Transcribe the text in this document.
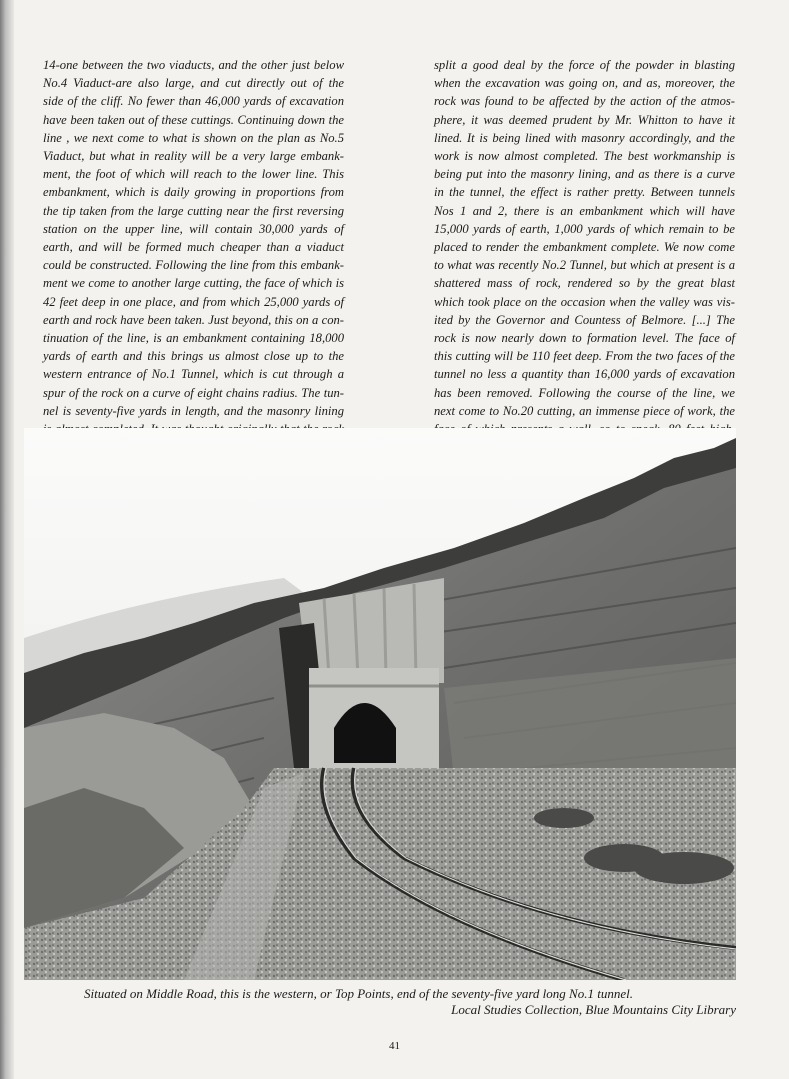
14-one between the two viaducts, and the other just below

No.4 Viaduct-are also large, and cut directly out of the

side of the cliff. No fewer than 46,000 yards of excavation

have been taken out of these cuttings. Continuing down the

line , we next come to what is shown on the plan as No.5

Viaduct, but what in reality will be a very large embank-

ment, the foot of which will reach to the lower line. This

embankment, which is daily growing in proportions from

the tip taken from the large cutting near the first reversing

station on the upper line, will contain 30,000 yards of

earth, and will be formed much cheaper than a viaduct

could be constructed. Following the line from this embank-

ment we come to another large cutting, the face of which is

42 feet deep in one place, and from which 25,000 yards of

earth and rock have been taken. Just beyond, this on a con-

tinuation of the line, is an embankment containing 18,000

yards of earth and this brings us almost close up to the

western entrance of No.1 Tunnel, which is cut through a

spur of the rock on a curve of eight chains radius. The tun-

nel is seventy-five yards in length, and the masonry lining

split a good deal by the force of the powder in blasting

when the excavation was going on, and as, moreover, the

rock was found to be affected by the action of the atmos-

phere, it was deemed prudent by Mr. Whitton to have it

lined. It is being lined with masonry accordingly, and the

work is now almost completed. The best workmanship is

being put into the masonry lining, and as there is a curve

in the tunnel, the effect is rather pretty. Between tunnels

Nos 1 and 2, there is an embankment which will have

15,000 yards of earth, 1,000 yards of which remain to be

placed to render the embankment complete. We now come

to what was recently No.2 Tunnel, but which at present is a

shattered mass of rock, rendered so by the great blast

which took place on the occasion when the valley was vis-

ited by the Governor and Countess of Belmore. [...] The

rock is now nearly down to formation level. The face of

this cutting will be 110 feet deep. From the two faces of the

tunnel no less a quantity than 16,000 yards of excavation

has been removed. Following the course of the line, we

next come to No.20 cutting, an immense piece of work, the

Situated on Middle Road, this is the western, or Top Points, end of the seventy-five yard long No.1 tunnel.
Local Studies Collection, Blue Mountains City Library
41
